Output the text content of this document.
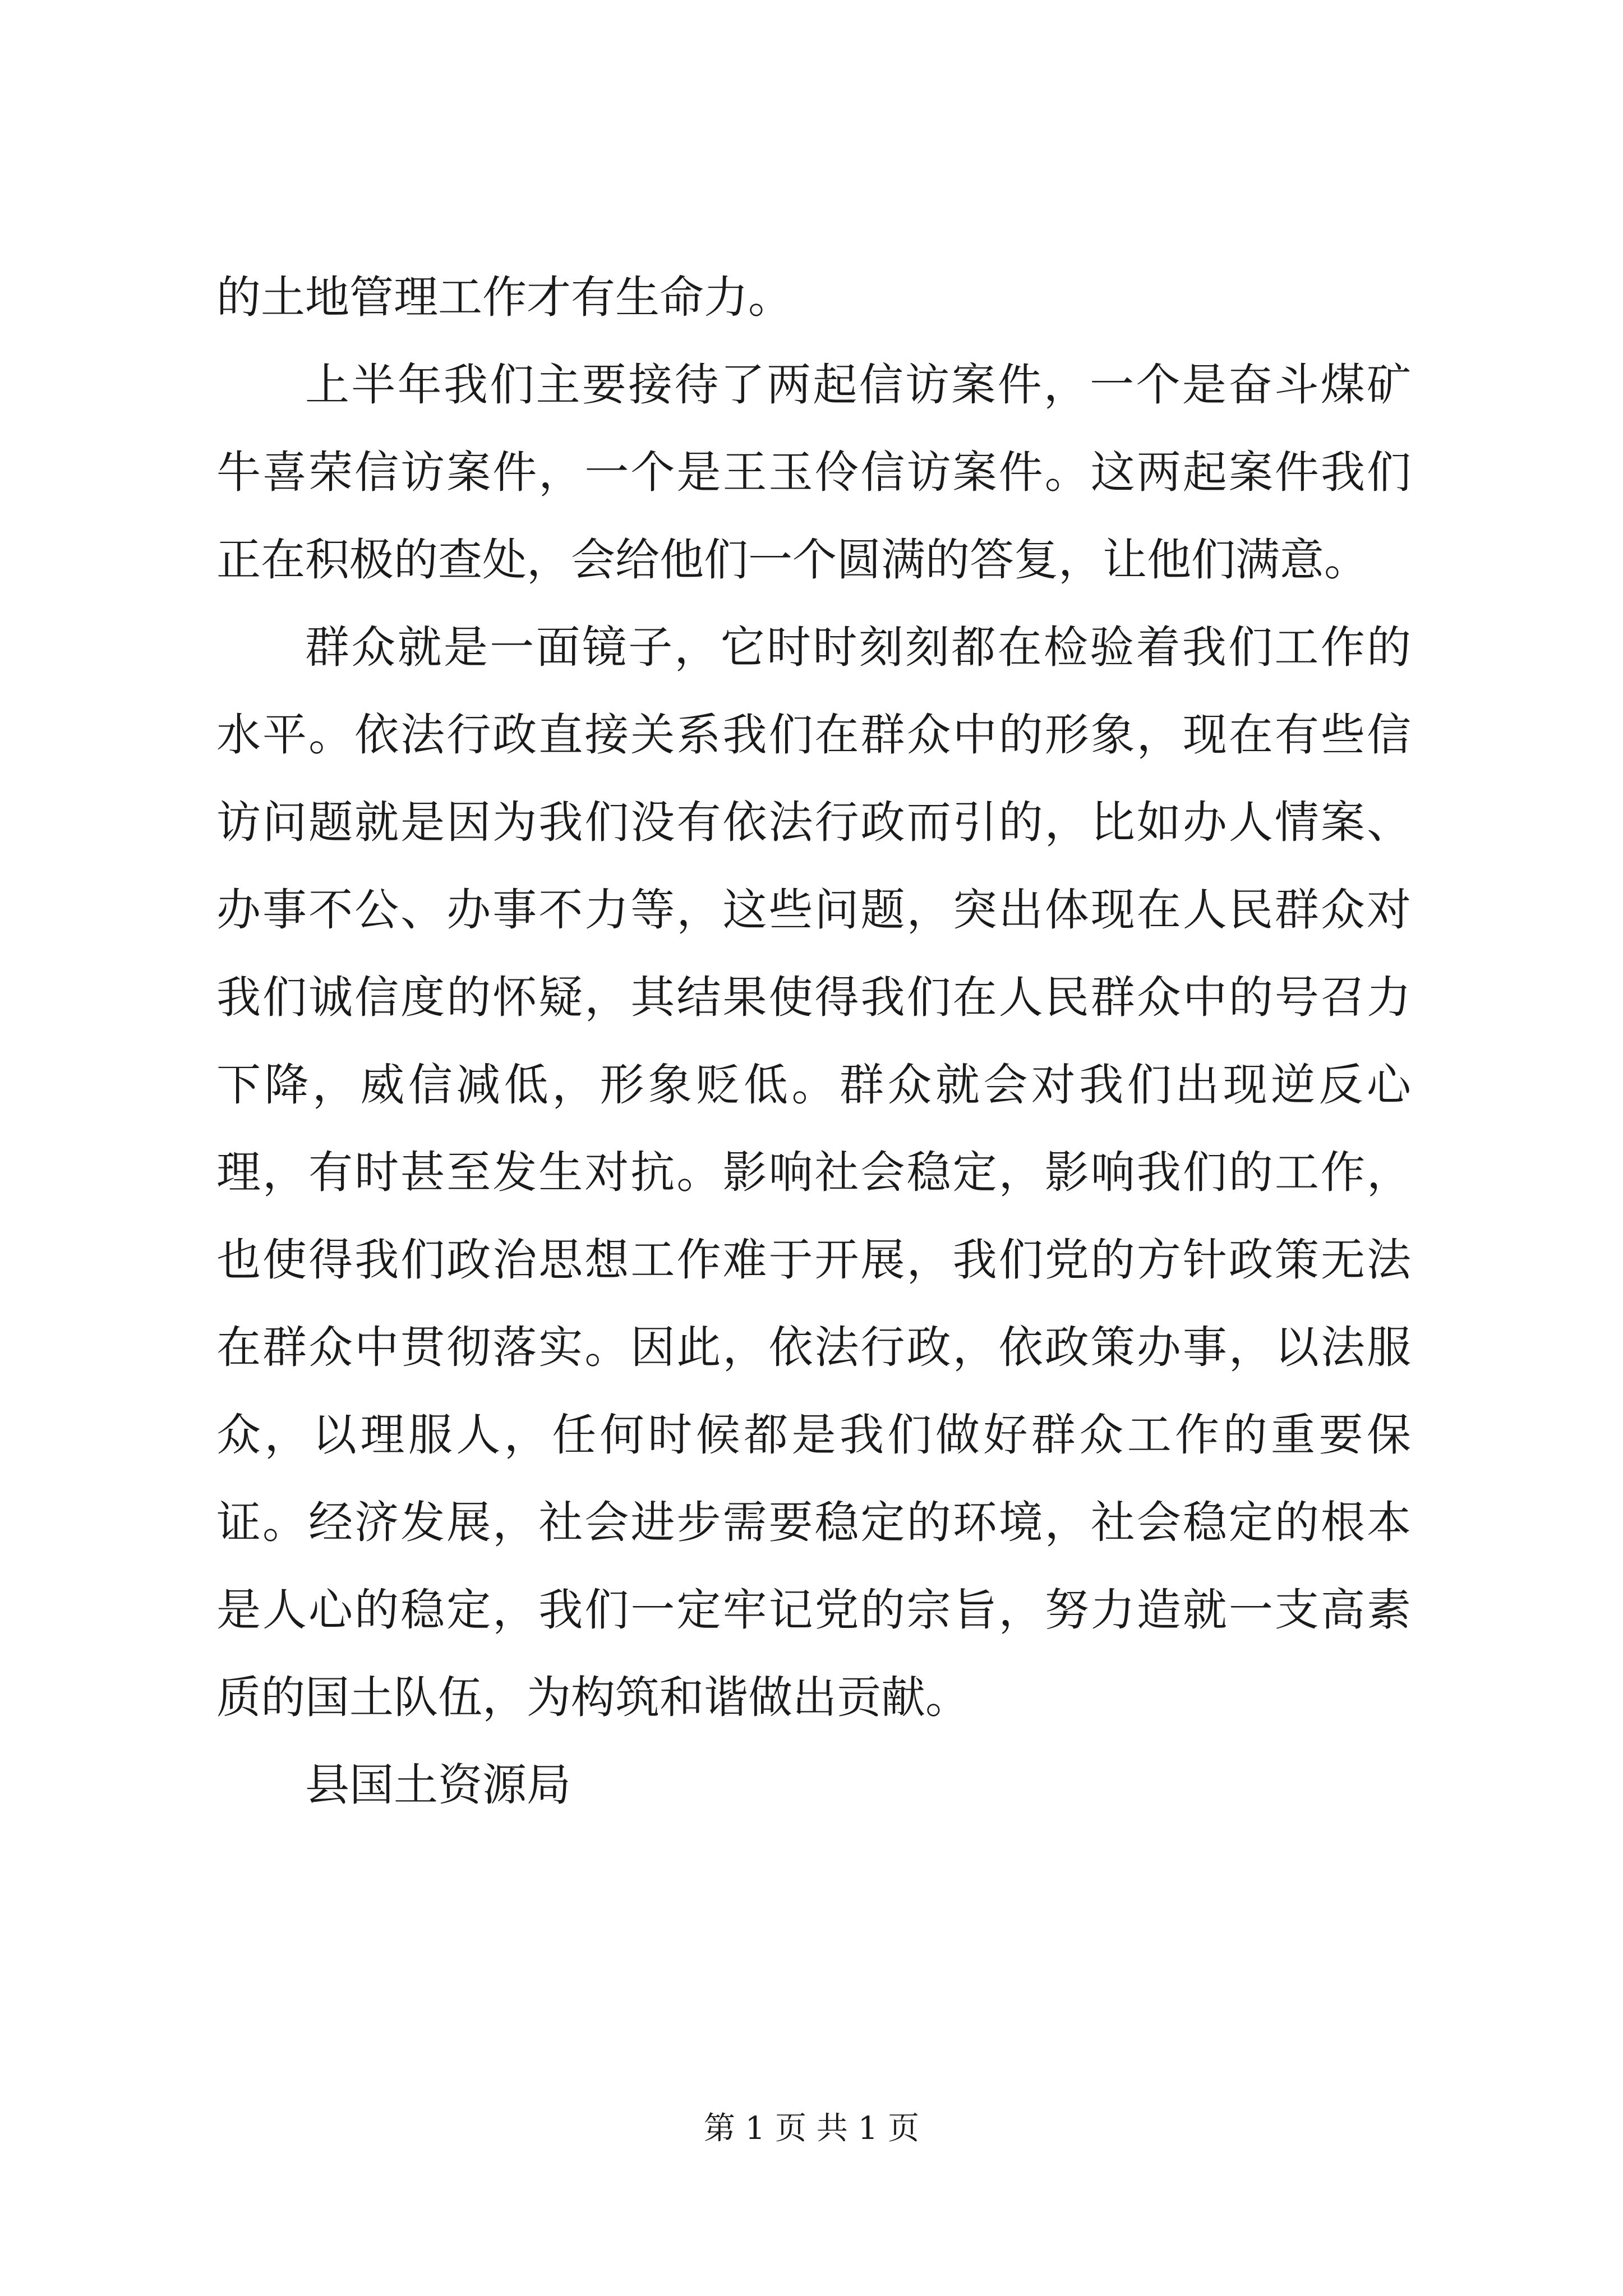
的土地管理工作才有生命力。

上半年我们主要接待了两起信访案件，一个是奋斗煤矿牛喜荣信访案件，一个是王玉伶信访案件。这两起案件我们正在积极的查处，会给他们一个圆满的答复，让他们满意。

群众就是一面镜子，它时时刻刻都在检验着我们工作的水平。依法行政直接关系我们在群众中的形象，现在有些信访问题就是因为我们没有依法行政而引的，比如办人情案、办事不公、办事不力等，这些问题，突出体现在人民群众对我们诚信度的怀疑，其结果使得我们在人民群众中的号召力下降，威信减低，形象贬低。群众就会对我们出现逆反心理，有时甚至发生对抗。影响社会稳定，影响我们的工作，也使得我们政治思想工作难于开展，我们党的方针政策无法在群众中贯彻落实。因此，依法行政，依政策办事，以法服众，以理服人，任何时候都是我们做好群众工作的重要保证。经济发展，社会进步需要稳定的环境，社会稳定的根本是人心的稳定，我们一定牢记党的宗旨，努力造就一支高素质的国土队伍，为构筑和谐做出贡献。

县国土资源局

第 1 页 共 1 页
